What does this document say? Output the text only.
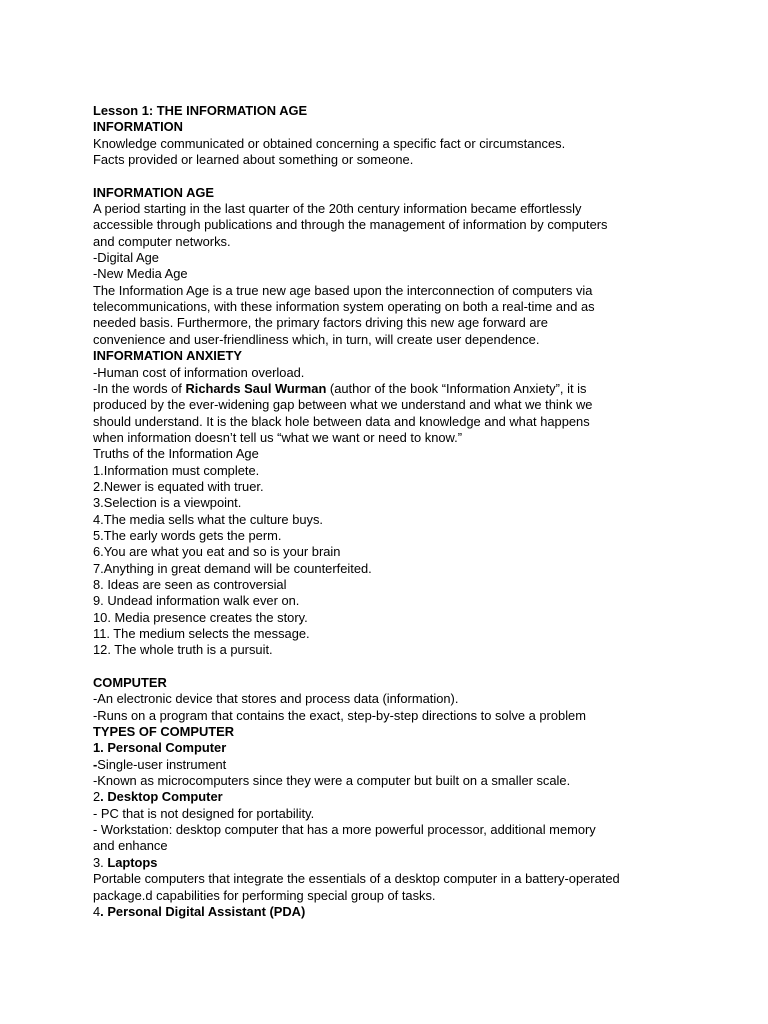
Lesson 1: THE INFORMATION AGE
INFORMATION
Knowledge communicated or obtained concerning a specific fact or circumstances.
Facts provided or learned about something or someone.
INFORMATION AGE
A period starting in the last quarter of the 20th century information became effortlessly
accessible through publications and through the management of information by computers
and computer networks.
-Digital Age
-New Media Age
The Information Age is a true new age based upon the interconnection of computers via
telecommunications, with these information system operating on both a real-time and as
needed basis. Furthermore, the primary factors driving this new age forward are
convenience and user-friendliness which, in turn, will create user dependence.
INFORMATION ANXIETY
-Human cost of information overload.
-In the words of Richards Saul Wurman (author of the book “Information Anxiety”, it is
produced by the ever-widening gap between what we understand and what we think we
should understand. It is the black hole between data and knowledge and what happens
when information doesn’t tell us “what we want or need to know.”
Truths of the Information Age
1.Information must complete.
2.Newer is equated with truer.
3.Selection is a viewpoint.
4.The media sells what the culture buys.
5.The early words gets the perm.
6.You are what you eat and so is your brain
7.Anything in great demand will be counterfeited.
8. Ideas are seen as controversial
9. Undead information walk ever on.
10. Media presence creates the story.
11. The medium selects the message.
12. The whole truth is a pursuit.
COMPUTER
-An electronic device that stores and process data (information).
-Runs on a program that contains the exact, step-by-step directions to solve a problem
TYPES OF COMPUTER
1. Personal Computer
-Single-user instrument
-Known as microcomputers since they were a computer but built on a smaller scale.
2. Desktop Computer
- PC that is not designed for portability.
- Workstation: desktop computer that has a more powerful processor, additional memory
and enhance
3. Laptops
Portable computers that integrate the essentials of a desktop computer in a battery-operated
package.d capabilities for performing special group of tasks.
4. Personal Digital Assistant (PDA)
